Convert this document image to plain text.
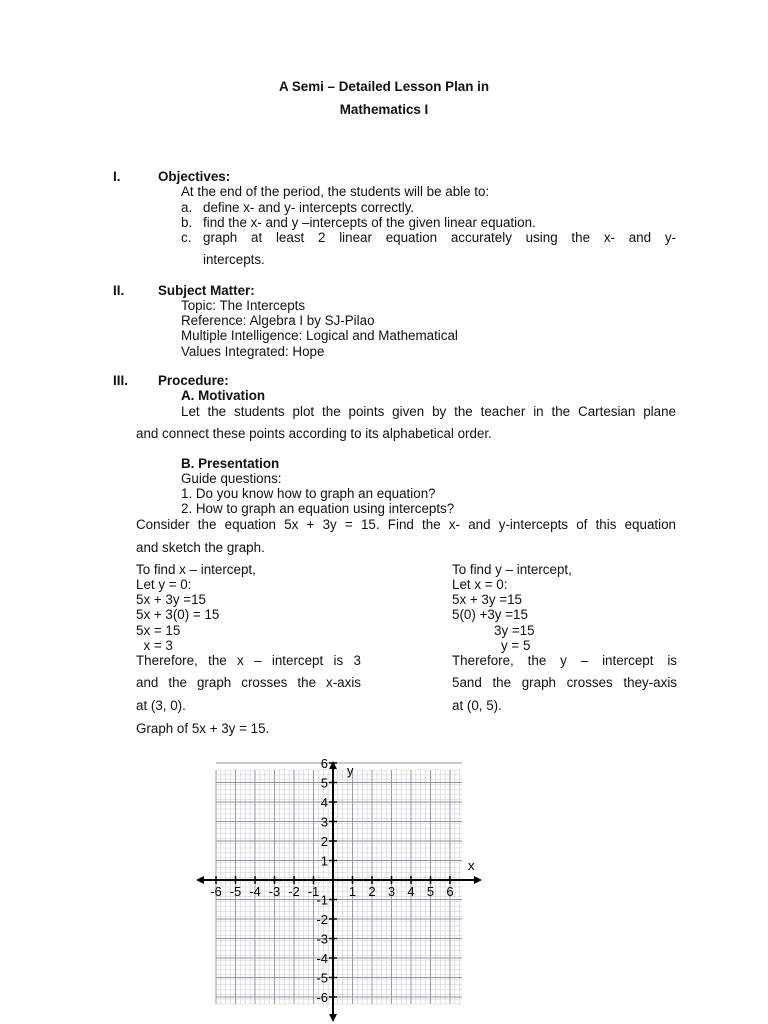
A Semi – Detailed Lesson Plan in
Mathematics I
I.	Objectives:
At the end of the period, the students will be able to:
a. define x- and y- intercepts correctly.
b. find the x- and y –intercepts of the given linear equation.
c. graph at least 2 linear equation accurately using the x- and y-
intercepts.
II.	Subject Matter:
Topic: The Intercepts
Reference: Algebra I by SJ-Pilao
Multiple Intelligence: Logical and Mathematical
Values Integrated: Hope
III. Procedure:
A. Motivation
Let the students plot the points given by the teacher in the Cartesian plane
and connect these points according to its alphabetical order.
B. Presentation
Guide questions:
1. Do you know how to graph an equation?
2. How to graph an equation using intercepts?
Consider the equation 5x + 3y = 15. Find the x- and y-intercepts of this equation
and sketch the graph.
To find x – intercept,
Let y = 0:
5x + 3y =15
5x + 3(0) = 15
5x = 15
x = 3
Therefore, the x – intercept is 3
and the graph crosses the x-axis
at (3, 0).
To find y – intercept,
Let x = 0:
5x + 3y =15
5(0) +3y =15
3y =15
y = 5
Therefore, the y – intercept is
5and the graph crosses they-axis
at (0, 5).
Graph of 5x + 3y = 15.
-6 -5 -4 -3 -2 -1 1 2 3 4 5 6
6
5
4
3
2
1
-1
-2
-3
-4
-5
-6
x
y
